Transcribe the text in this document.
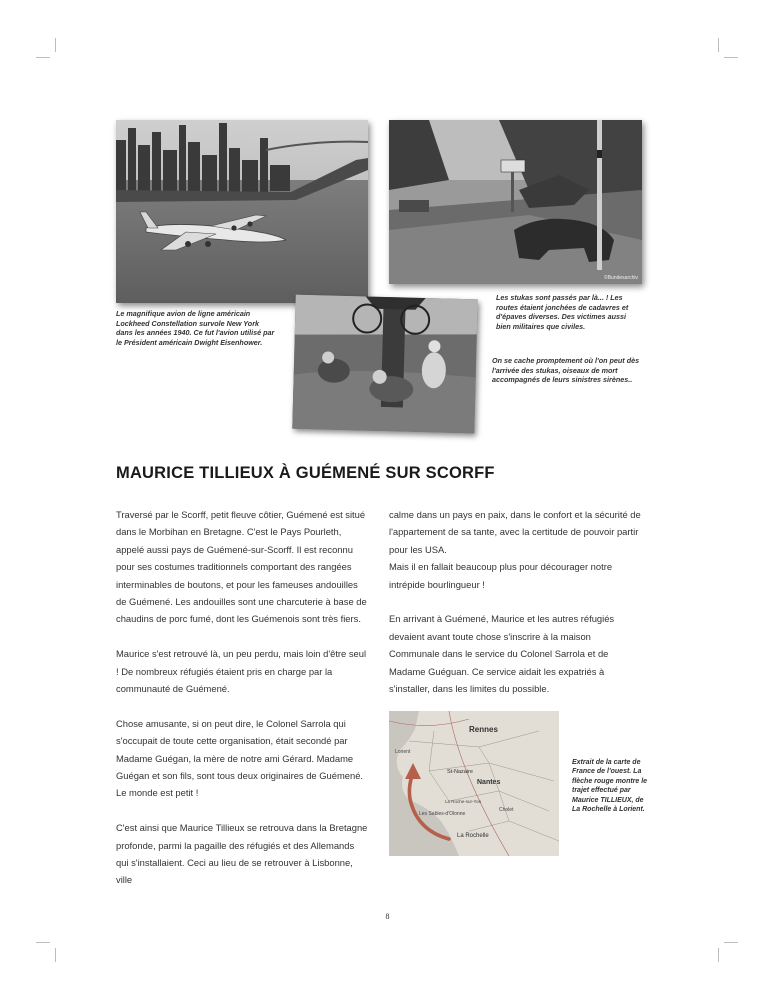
Le magnifique avion de ligne américain Lockheed Constellation survole New York dans les années 1940. Ce fut l'avion utilisé par le Président américain Dwight Eisenhower.
©Bundesarchiv
Les stukas sont passés par là... ! Les routes étaient jonchées de cadavres et d'épaves diverses. Des victimes aussi bien militaires que civiles.
On se cache promptement où l'on peut dès l'arrivée des stukas, oiseaux de mort accompagnés de leurs sinistres sirènes..
MAURICE TILLIEUX À GUÉMENÉ SUR SCORFF

Traversé par le Scorff, petit fleuve côtier, Guémené est situé dans le Morbihan en Bretagne. C'est le Pays Pourleth, appelé aussi pays de Guémené-sur-Scorff. Il est reconnu pour ses costumes traditionnels comportant des rangées interminables de boutons, et pour les fameuses andouilles de Guémené. Les andouilles sont une charcuterie à base de chaudins de porc fumé, dont les Guémenois sont très fiers.

Maurice s'est retrouvé là, un peu perdu, mais loin d'être seul ! De nombreux réfugiés étaient pris en charge par la communauté de Guémené.

Chose amusante, si on peut dire, le Colonel Sarrola qui s'occupait de toute cette organisation, était secondé par Madame Guégan, la mère de notre ami Gérard. Madame Guégan et son fils, sont tous deux originaires de Guémené. Le monde est petit !

C'est ainsi que Maurice Tillieux se retrouva dans la Bretagne profonde, parmi la pagaille des réfugiés et des Allemands qui s'installaient. Ceci au lieu de se retrouver à Lisbonne, ville

calme dans un pays en paix, dans le confort et la sécurité de l'appartement de sa tante, avec la certitude de pouvoir partir pour les USA.

Mais il en fallait beaucoup plus pour décourager notre intrépide bourlingueur !

En arrivant à Guémené, Maurice et les autres réfugiés devaient avant toute chose s'inscrire à la maison Communale dans le service du Colonel Sarrola et de Madame Guéguan. Ce service aidait les expatriés à s'installer, dans les limites du possible.

Rennes
Lorient
St-Nazaire
Nantes
Les Sables-d'Olonne
La Rochelle
Cholet
La Roche-sur-Yon
Extrait de la carte de France de l'ouest. La flèche rouge montre le trajet effectué par Maurice TILLIEUX, de La Rochelle à Lorient.
8
